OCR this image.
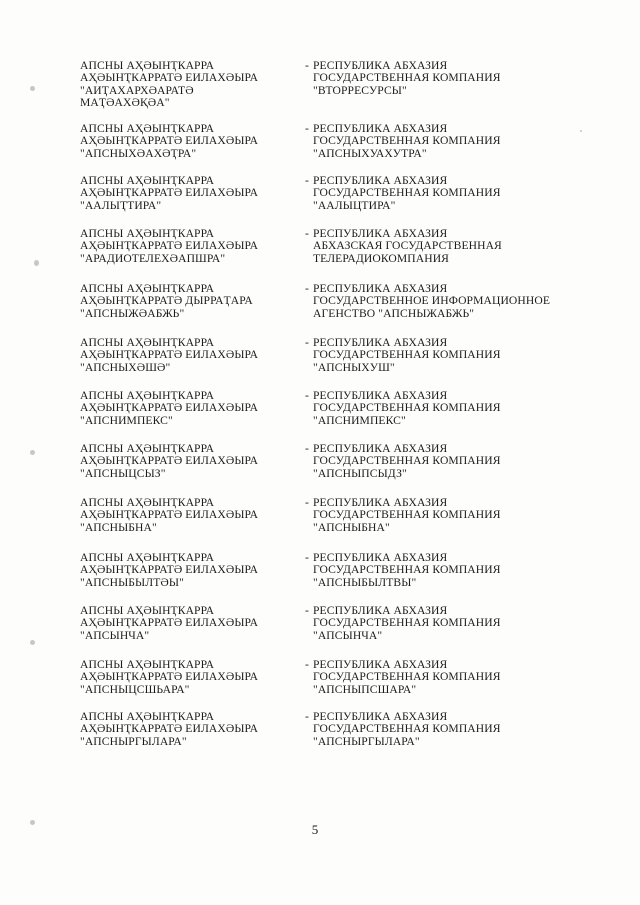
АПСНЫ АҲӘЫНҬКАРРА
АҲӘЫНҬКАРРАТӘ ЕИЛАХӘЫРА
"АИҬАХАРХӘАРАТӘ
МАҬӘАХӘҚӘА"
- РЕСПУБЛИКА АБХАЗИЯ
ГОСУДАРСТВЕННАЯ КОМПАНИЯ
"ВТОРРЕСУРСЫ"
АПСНЫ АҲӘЫНҬКАРРА
АҲӘЫНҬКАРРАТӘ ЕИЛАХӘЫРА
"АПСНЫХӘАХӘҬРА"
- РЕСПУБЛИКА АБХАЗИЯ
ГОСУДАРСТВЕННАЯ КОМПАНИЯ
"АПСНЫХУАХУТРА"
АПСНЫ АҲӘЫНҬКАРРА
АҲӘЫНҬКАРРАТӘ ЕИЛАХӘЫРА
"ААЛЫҬТИРА"
- РЕСПУБЛИКА АБХАЗИЯ
ГОСУДАРСТВЕННАЯ КОМПАНИЯ
"ААЛЫЦТИРА"
АПСНЫ АҲӘЫНҬКАРРА
АҲӘЫНҬКАРРАТӘ ЕИЛАХӘЫРА
"АРАДИОТЕЛЕХӘАПШРА"
- РЕСПУБЛИКА АБХАЗИЯ
АБХАЗСКАЯ ГОСУДАРСТВЕННАЯ
ТЕЛЕРАДИОКОМПАНИЯ
АПСНЫ АҲӘЫНҬКАРРА
АҲӘЫНҬКАРРАТӘ ДЫРРАҬАРА
"АПСНЫЖӘАБЖЬ"
- РЕСПУБЛИКА АБХАЗИЯ
ГОСУДАРСТВЕННОЕ ИНФОРМАЦИОННОЕ
АГЕНСТВО "АПСНЫЖАБЖЬ"
АПСНЫ АҲӘЫНҬКАРРА
АҲӘЫНҬКАРРАТӘ ЕИЛАХӘЫРА
"АПСНЫХӘШӘ"
- РЕСПУБЛИКА АБХАЗИЯ
ГОСУДАРСТВЕННАЯ КОМПАНИЯ
"АПСНЫХУШ"
АПСНЫ АҲӘЫНҬКАРРА
АҲӘЫНҬКАРРАТӘ ЕИЛАХӘЫРА
"АПСНИМПЕКС"
- РЕСПУБЛИКА АБХАЗИЯ
ГОСУДАРСТВЕННАЯ КОМПАНИЯ
"АПСНИМПЕКС"
АПСНЫ АҲӘЫНҬКАРРА
АҲӘЫНҬКАРРАТӘ ЕИЛАХӘЫРА
"АПСНЫЦСЫЗ"
- РЕСПУБЛИКА АБХАЗИЯ
ГОСУДАРСТВЕННАЯ КОМПАНИЯ
"АПСНЫПСЫДЗ"
АПСНЫ АҲӘЫНҬКАРРА
АҲӘЫНҬКАРРАТӘ ЕИЛАХӘЫРА
"АПСНЫБНА"
- РЕСПУБЛИКА АБХАЗИЯ
ГОСУДАРСТВЕННАЯ КОМПАНИЯ
"АПСНЫБНА"
АПСНЫ АҲӘЫНҬКАРРА
АҲӘЫНҬКАРРАТӘ ЕИЛАХӘЫРА
"АПСНЫБЫЛТӘЫ"
- РЕСПУБЛИКА АБХАЗИЯ
ГОСУДАРСТВЕННАЯ КОМПАНИЯ
"АПСНЫБЫЛТВЫ"
АПСНЫ АҲӘЫНҬКАРРА
АҲӘЫНҬКАРРАТӘ ЕИЛАХӘЫРА
"АПСЫНЧА"
- РЕСПУБЛИКА АБХАЗИЯ
ГОСУДАРСТВЕННАЯ КОМПАНИЯ
"АПСЫНЧА"
АПСНЫ АҲӘЫНҬКАРРА
АҲӘЫНҬКАРРАТӘ ЕИЛАХӘЫРА
"АПСНЫЦСШЬАРА"
- РЕСПУБЛИКА АБХАЗИЯ
ГОСУДАРСТВЕННАЯ КОМПАНИЯ
"АПСНЫПСШАРА"
АПСНЫ АҲӘЫНҬКАРРА
АҲӘЫНҬКАРРАТӘ ЕИЛАХӘЫРА
"АПСНЫРГЫЛАРА"
- РЕСПУБЛИКА АБХАЗИЯ
ГОСУДАРСТВЕННАЯ КОМПАНИЯ
"АПСНЫРГЫЛАРА"
5
